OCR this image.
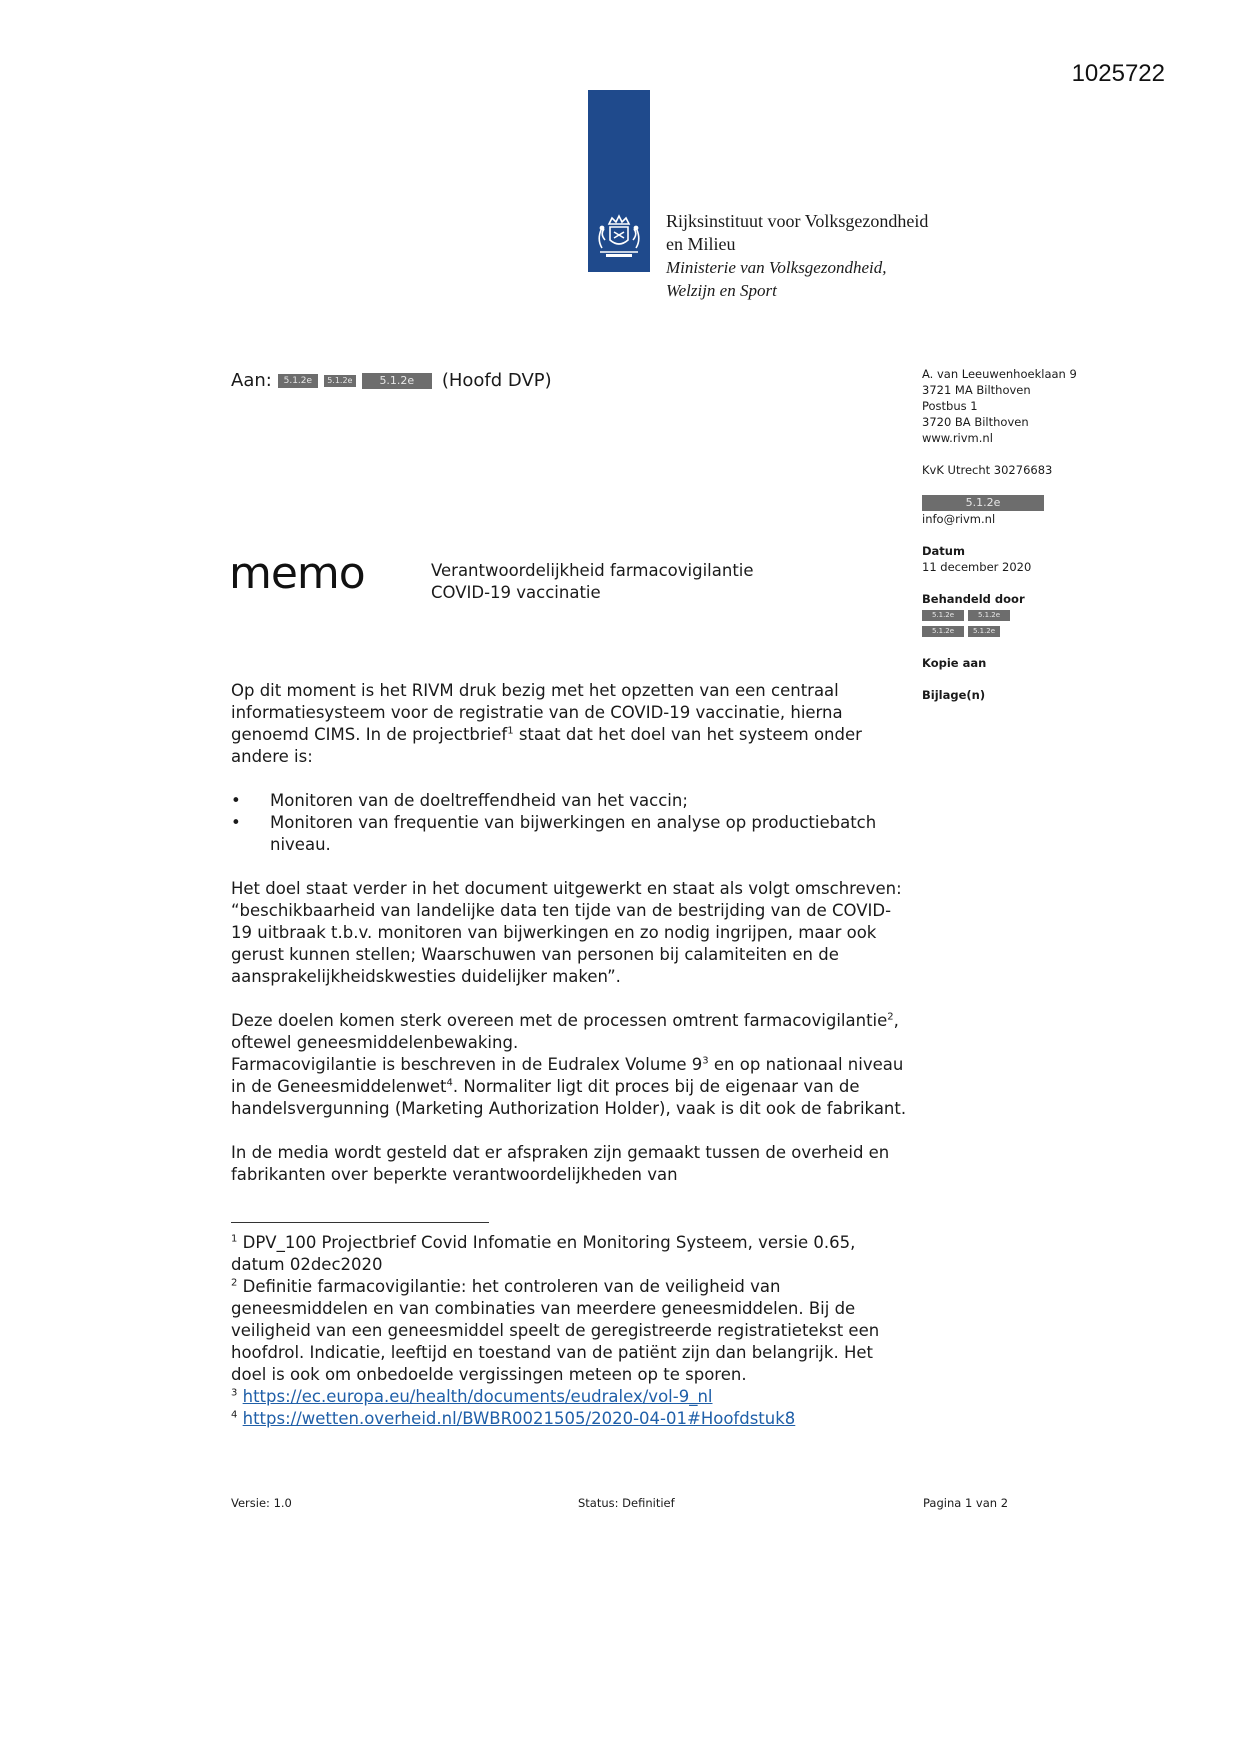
1025722
Rijksinstituut voor Volksgezondheid
en Milieu
Ministerie van Volksgezondheid,
Welzijn en Sport
Aan:	5.1.2e	5.1.2e	5.1.2e	(Hoofd DVP)	A. van Leeuwenhoeklaan 9
3721 MA Bilthoven
Postbus 1
3720 BA Bilthoven
www.rivm.nl
KvK Utrecht 30276683
5.1.2e
info@rivm.nl
Datum
11 december 2020
Behandeld door
5.1.2e	5.1.2e
5.1.2e	5.1.2e
Kopie aan
Bijlage(n)
memo	Verantwoordelijkheid farmacovigilantie
COVID-19 vaccinatie

Op dit moment is het RIVM druk bezig met het opzetten van een centraal informatiesysteem voor de registratie van de COVID-19 vaccinatie, hierna genoemd CIMS. In de projectbrief$^1$ staat dat het doel van het systeem onder andere is:

• Monitoren van de doeltreffendheid van het vaccin;
• Monitoren van frequentie van bijwerkingen en analyse op productiebatch niveau.

Het doel staat verder in het document uitgewerkt en staat als volgt omschreven: “beschikbaarheid van landelijke data ten tijde van de bestrijding van de COVID-19 uitbraak t.b.v. monitoren van bijwerkingen en zo nodig ingrijpen, maar ook gerust kunnen stellen; Waarschuwen van personen bij calamiteiten en de aansprakelijkheidskwesties duidelijker maken”.

Deze doelen komen sterk overeen met de processen omtrent farmacovigilantie$^2$, oftewel geneesmiddelenbewaking.
Farmacovigilantie is beschreven in de Eudralex Volume $9^3$ en op nationaal niveau in de Geneesmiddelenwet$^4$. Normaliter ligt dit proces bij de eigenaar van de handelsvergunning (Marketing Authorization Holder), vaak is dit ook de fabrikant.

In de media wordt gesteld dat er afspraken zijn gemaakt tussen de overheid en fabrikanten over beperkte verantwoordelijkheden van

$^1$ DPV_100 Projectbrief Covid Infomatie en Monitoring Systeem, versie 0.65, datum 02dec2020

$^2$ Definitie farmacovigilantie: het controleren van de veiligheid van geneesmiddelen en van combinaties van meerdere geneesmiddelen. Bij de veiligheid van een geneesmiddel speelt de geregistreerde registratietekst een hoofdrol. Indicatie, leeftijd en toestand van de patiënt zijn dan belangrijk. Het doel is ook om onbedoelde vergissingen meteen op te sporen.

$^3$ https://ec.europa.eu/health/documents/eudralex/vol-9_nl

$^4$ https://wetten.overheid.nl/BWBR0021505/2020-04-01#Hoofdstuk8

Versie: 1.0	Status: Definitief	Pagina 1 van 2
